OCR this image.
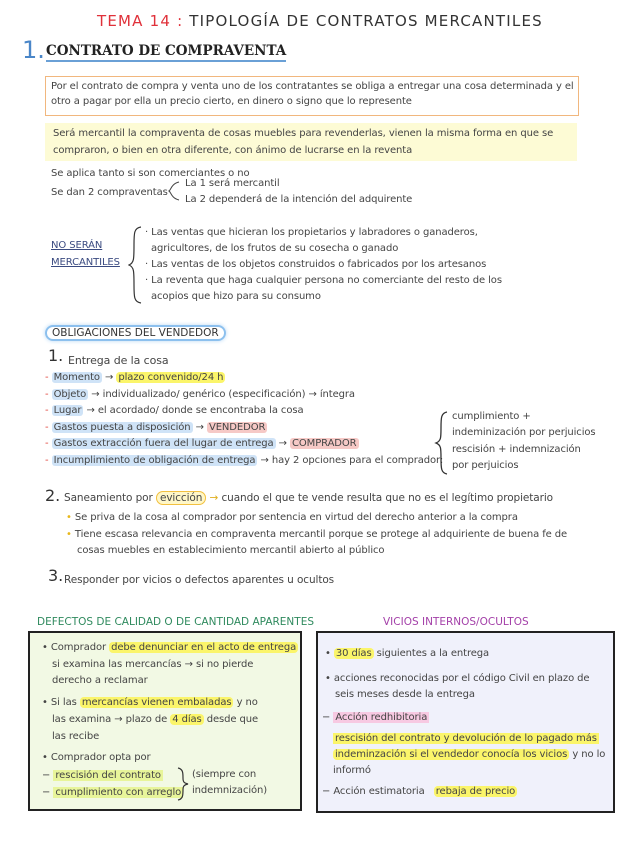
TEMA 14 : TIPOLOGÍA DE CONTRATOS MERCANTILES
1. CONTRATO DE COMPRAVENTA
Por el contrato de compra y venta uno de los contratantes se obliga a entregar una cosa determinada y el
otro a pagar por ella un precio cierto, en dinero o signo que lo represente
Será mercantil la compraventa de cosas muebles para revenderlas, vienen la misma forma en que se
compraron, o bien en otra diferente, con ánimo de lucrarse en la reventa
Se aplica tanto si son comerciantes o no
Se dan 2 compraventas
La 1 será mercantil
La 2 dependerá de la intención del adquirente
NO SERÁN
MERCANTILES
· Las ventas que hicieran los propietarios y labradores o ganaderos,
agricultores, de los frutos de su cosecha o ganado
· Las ventas de los objetos construidos o fabricados por los artesanos
· La reventa que haga cualquier persona no comerciante del resto de los
acopios que hizo para su consumo
OBLIGACIONES DEL VENDEDOR
1. Entrega de la cosa
- Momento → plazo convenido/24 h
- Objeto → individualizado/ genérico (especificación) → íntegra
- Lugar → el acordado/ donde se encontraba la cosa
- Gastos puesta a disposición → VENDEDOR
- Gastos extracción fuera del lugar de entrega → COMPRADOR
- Incumplimiento de obligación de entrega → hay 2 opciones para el comprador:
cumplimiento +
indeminización por perjuicios
rescisión + indemnización
por perjuicios
2. Saneamiento por evicción → cuando el que te vende resulta que no es el legítimo propietario
• Se priva de la cosa al comprador por sentencia en virtud del derecho anterior a la compra
• Tiene escasa relevancia en compraventa mercantil porque se protege al adquiriente de buena fe de
cosas muebles en establecimiento mercantil abierto al público
3. Responder por vicios o defectos aparentes u ocultos
DEFECTOS DE CALIDAD O DE CANTIDAD APARENTES
• Comprador debe denunciar en el acto de entrega
si examina las mercancías → si no pierde
derecho a reclamar
• Si las mercancías vienen embaladas y no
las examina → plazo de 4 días desde que
las recibe
• Comprador opta por
− rescisión del contrato
− cumplimiento con arreglo
(siempre con
indemnización)
VICIOS INTERNOS/OCULTOS
• 30 días siguientes a la entrega
• acciones reconocidas por el código Civil en plazo de
seis meses desde la entrega
− Acción redhibitoria
rescisión del contrato y devolución de lo pagado más
indeminzación si el vendedor conocía los vicios y no lo
informó
− Acción estimatoria rebaja de precio
